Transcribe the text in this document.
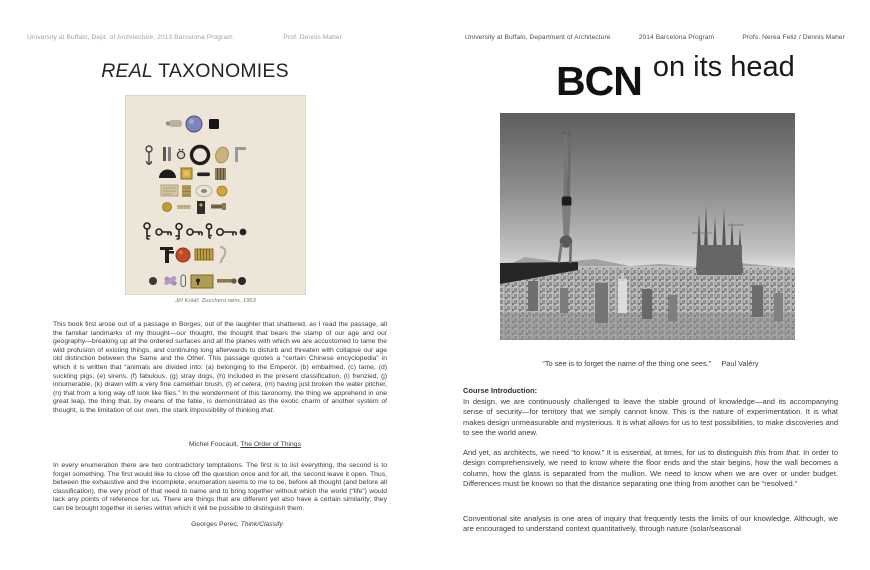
University at Buffalo, Dept. of Architecture, 2013 Barcelona Program	Prof. Dennis Maher
REAL TAXONOMIES
Jiří Kolář, Zucchero nero, 1963

This book first arose out of a passage in Borges, out of the laughter that shattered, as I read the passage, all the familiar landmarks of my thought—our thought, the thought that bears the stamp of our age and our geography—breaking up all the ordered surfaces and all the planes with which we are accustomed to tame the wild profusion of existing things, and continuing long afterwards to disturb and threaten with collapse our age old distinction between the Same and the Other. This passage quotes a “certain Chinese encyclopedia” in which it is written that “animals are divided into: (a) belonging to the Emperor, (b) embalmed, (c) tame, (d) suckling pigs, (e) sirens, (f) fabulous, (g) stray dogs, (h) included in the present classification, (i) frenzied, (j) innumerable, (k) drawn with a very fine camelhair brush, (l) et cetera, (m) having just broken the water pitcher, (n) that from a long way off look like flies.” In the wonderment of this taxonomy, the thing we apprehend in one great leap, the thing that, by means of the fable, is demonstrated as the exotic charm of another system of thought, is the limitation of our own, the stark impossibility of thinking that.

Michel Foucault, The Order of Things

In every enumeration there are two contradictory temptations. The first is to list everything, the second is to forget something. The first would like to close off the question once and for all, the second leave it open. Thus, between the exhaustive and the incomplete, enumeration seems to me to be, before all thought (and before all classification), the very proof of that need to name and to bring together without which the world (“life”) would lack any points of reference for us. There are things that are different yet also have a certain similarity; they can be brought together in series within which it will be possible to distinguish them.

Georges Perec, Think/Classify
University at Buffalo, Department of Architecture	2014 Barcelona Program	Profs. Nerea Feliz / Dennis Maher
BCN on its head
“To see is to forget the name of the thing one sees.” Paul Valéry
Course Introduction:

In design, we are continuously challenged to leave the stable ground of knowledge—and its accompanying sense of security—for territory that we simply cannot know. This is the nature of experimentation. It is what makes design unmeasurable and mysterious. It is what allows for us to test possibilities, to make discoveries and to see the world anew.

And yet, as architects, we need “to know.” It is essential, at times, for us to distinguish this from that. In order to design comprehensively, we need to know where the floor ends and the stair begins, how the wall becomes a column, how the glass is separated from the mullion. We need to know when we are over or under budget. Differences must be known so that the distance separating one thing from another can be “resolved.”

Conventional site analysis is one area of inquiry that frequently tests the limits of our knowledge. Although, we are encouraged to understand context quantitatively, through nature (solar/seasonal
